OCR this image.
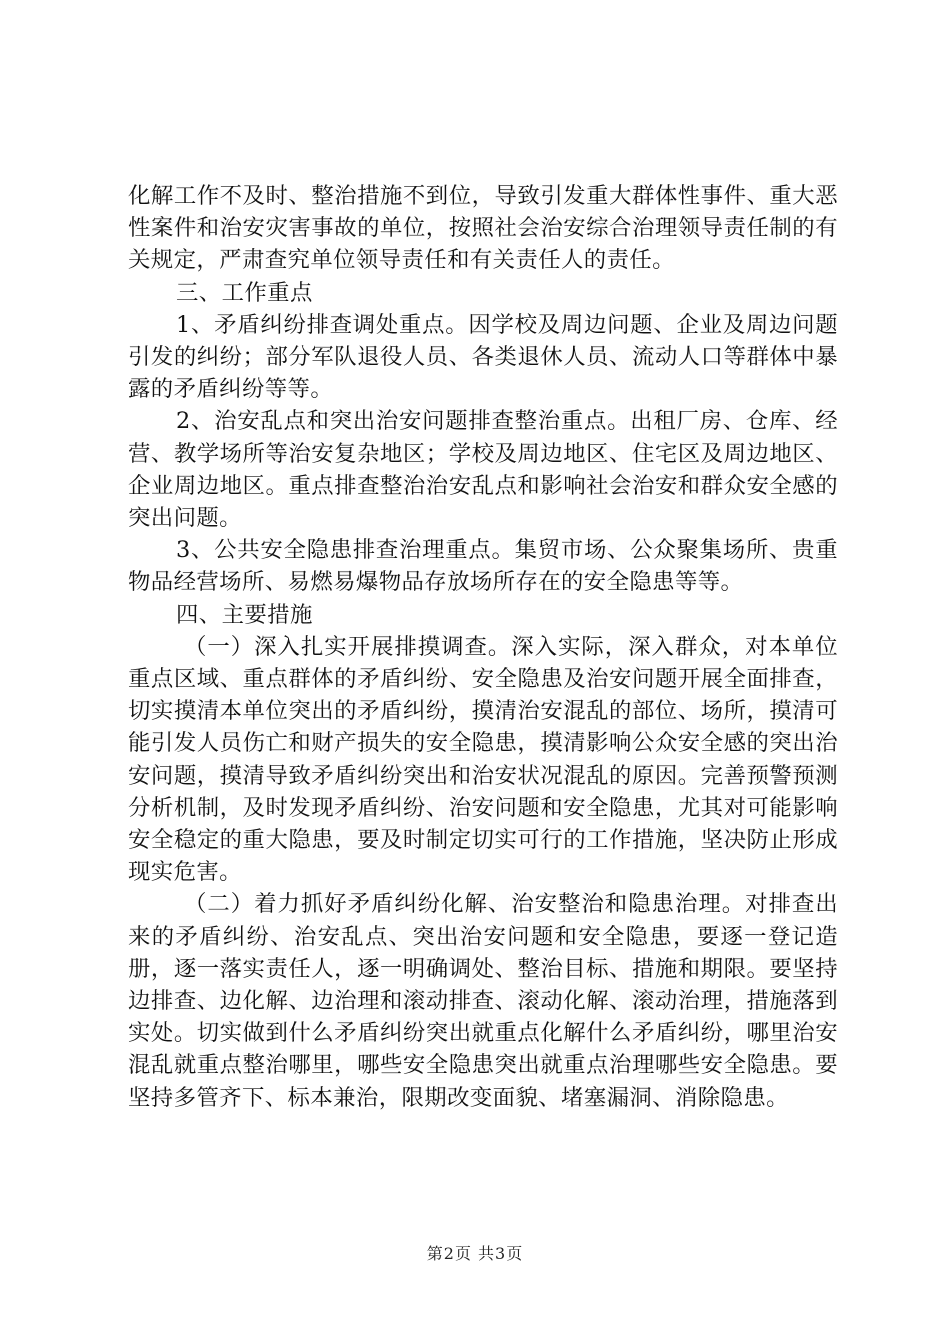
化解工作不及时、整治措施不到位，导致引发重大群体性事件、重大恶性案件和治安灾害事故的单位，按照社会治安综合治理领导责任制的有关规定，严肃查究单位领导责任和有关责任人的责任。

三、工作重点

1、矛盾纠纷排查调处重点。因学校及周边问题、企业及周边问题引发的纠纷；部分军队退役人员、各类退休人员、流动人口等群体中暴露的矛盾纠纷等等。

2、治安乱点和突出治安问题排查整治重点。出租厂房、仓库、经营、教学场所等治安复杂地区；学校及周边地区、住宅区及周边地区、企业周边地区。重点排查整治治安乱点和影响社会治安和群众安全感的突出问题。

3、公共安全隐患排查治理重点。集贸市场、公众聚集场所、贵重物品经营场所、易燃易爆物品存放场所存在的安全隐患等等。

四、主要措施

（一）深入扎实开展排摸调查。深入实际，深入群众，对本单位重点区域、重点群体的矛盾纠纷、安全隐患及治安问题开展全面排查，切实摸清本单位突出的矛盾纠纷，摸清治安混乱的部位、场所，摸清可能引发人员伤亡和财产损失的安全隐患，摸清影响公众安全感的突出治安问题，摸清导致矛盾纠纷突出和治安状况混乱的原因。完善预警预测分析机制，及时发现矛盾纠纷、治安问题和安全隐患，尤其对可能影响安全稳定的重大隐患，要及时制定切实可行的工作措施，坚决防止形成现实危害。

（二）着力抓好矛盾纠纷化解、治安整治和隐患治理。对排查出来的矛盾纠纷、治安乱点、突出治安问题和安全隐患，要逐一登记造册，逐一落实责任人，逐一明确调处、整治目标、措施和期限。要坚持边排查、边化解、边治理和滚动排查、滚动化解、滚动治理，措施落到实处。切实做到什么矛盾纠纷突出就重点化解什么矛盾纠纷，哪里治安混乱就重点整治哪里，哪些安全隐患突出就重点治理哪些安全隐患。要坚持多管齐下、标本兼治，限期改变面貌、堵塞漏洞、消除隐患。

第2页 共3页
